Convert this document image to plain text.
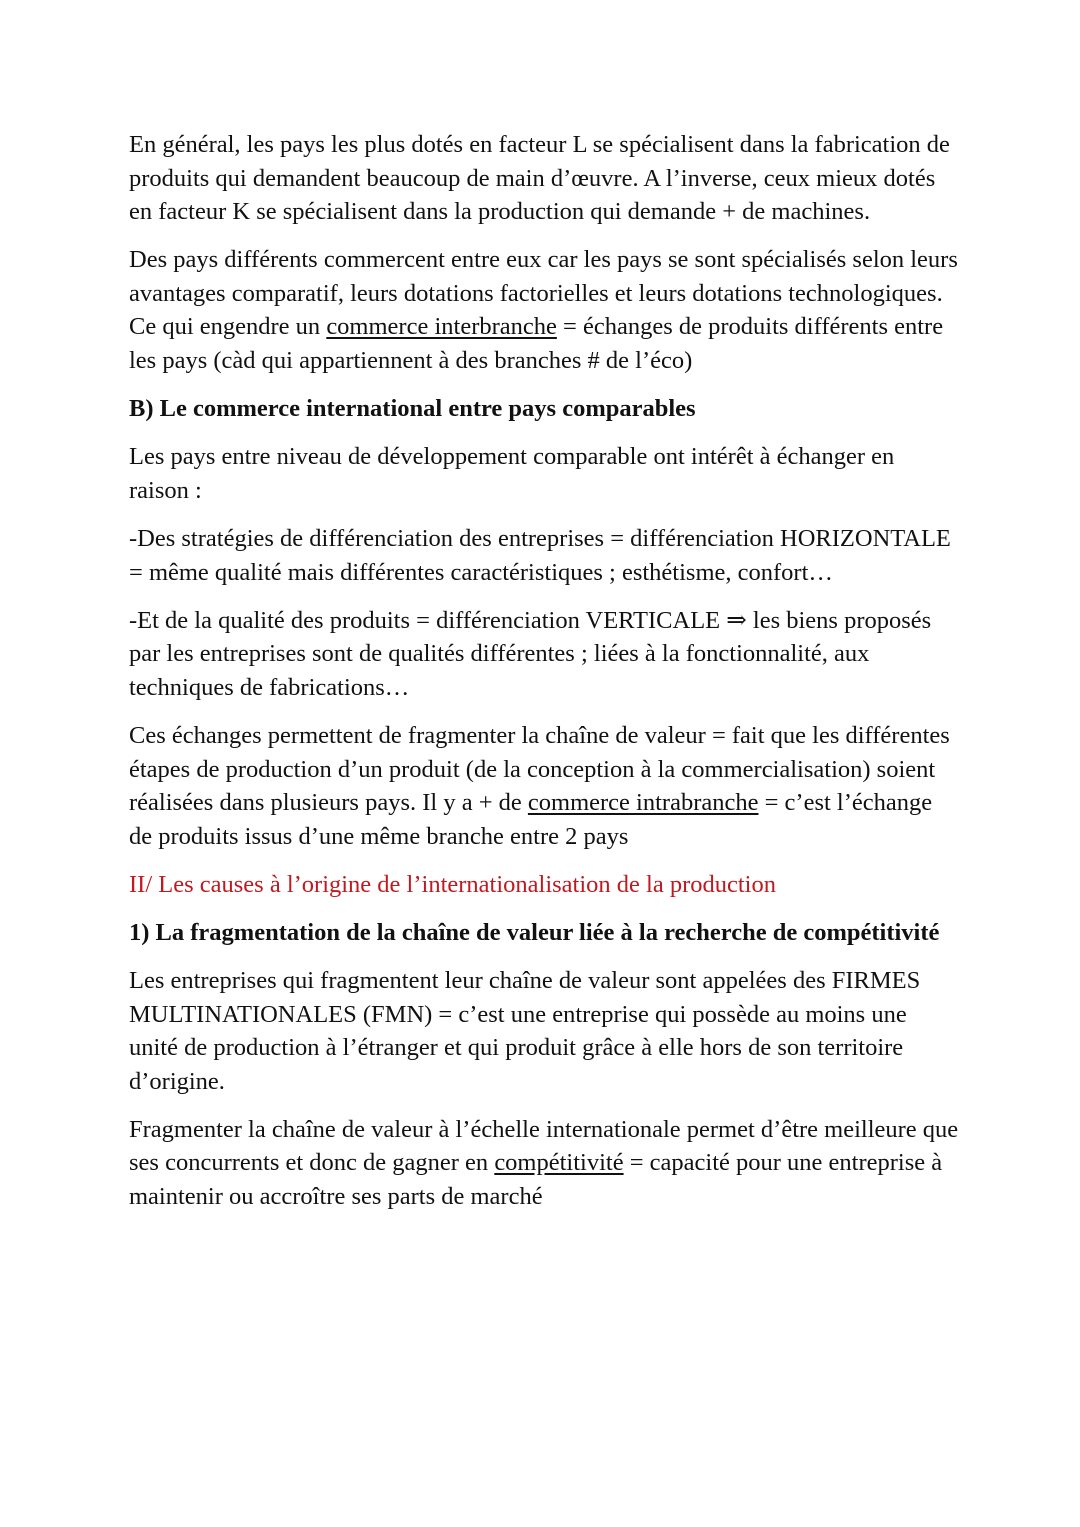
En général, les pays les plus dotés en facteur L se spécialisent dans la fabrication de produits qui demandent beaucoup de main d’œuvre. A l’inverse, ceux mieux dotés en facteur K se spécialisent dans la production qui demande + de machines.

Des pays différents commercent entre eux car les pays se sont spécialisés selon leurs avantages comparatif, leurs dotations factorielles et leurs dotations technologiques. Ce qui engendre un commerce interbranche = échanges de produits différents entre les pays (càd qui appartiennent à des branches # de l’éco)

B) Le commerce international entre pays comparables

Les pays entre niveau de développement comparable ont intérêt à échanger en raison :

-Des stratégies de différenciation des entreprises = différenciation HORIZONTALE = même qualité mais différentes caractéristiques ; esthétisme, confort…

-Et de la qualité des produits = différenciation VERTICALE ⇒ les biens proposés par les entreprises sont de qualités différentes ; liées à la fonctionnalité, aux techniques de fabrications…

Ces échanges permettent de fragmenter la chaîne de valeur = fait que les différentes étapes de production d’un produit (de la conception à la commercialisation) soient réalisées dans plusieurs pays. Il y a + de commerce intrabranche = c’est l’échange de produits issus d’une même branche entre 2 pays

II/ Les causes à l’origine de l’internationalisation de la production

1) La fragmentation de la chaîne de valeur liée à la recherche de compétitivité

Les entreprises qui fragmentent leur chaîne de valeur sont appelées des FIRMES MULTINATIONALES (FMN) = c’est une entreprise qui possède au moins une unité de production à l’étranger et qui produit grâce à elle hors de son territoire d’origine.

Fragmenter la chaîne de valeur à l’échelle internationale permet d’être meilleure que ses concurrents et donc de gagner en compétitivité = capacité pour une entreprise à maintenir ou accroître ses parts de marché
